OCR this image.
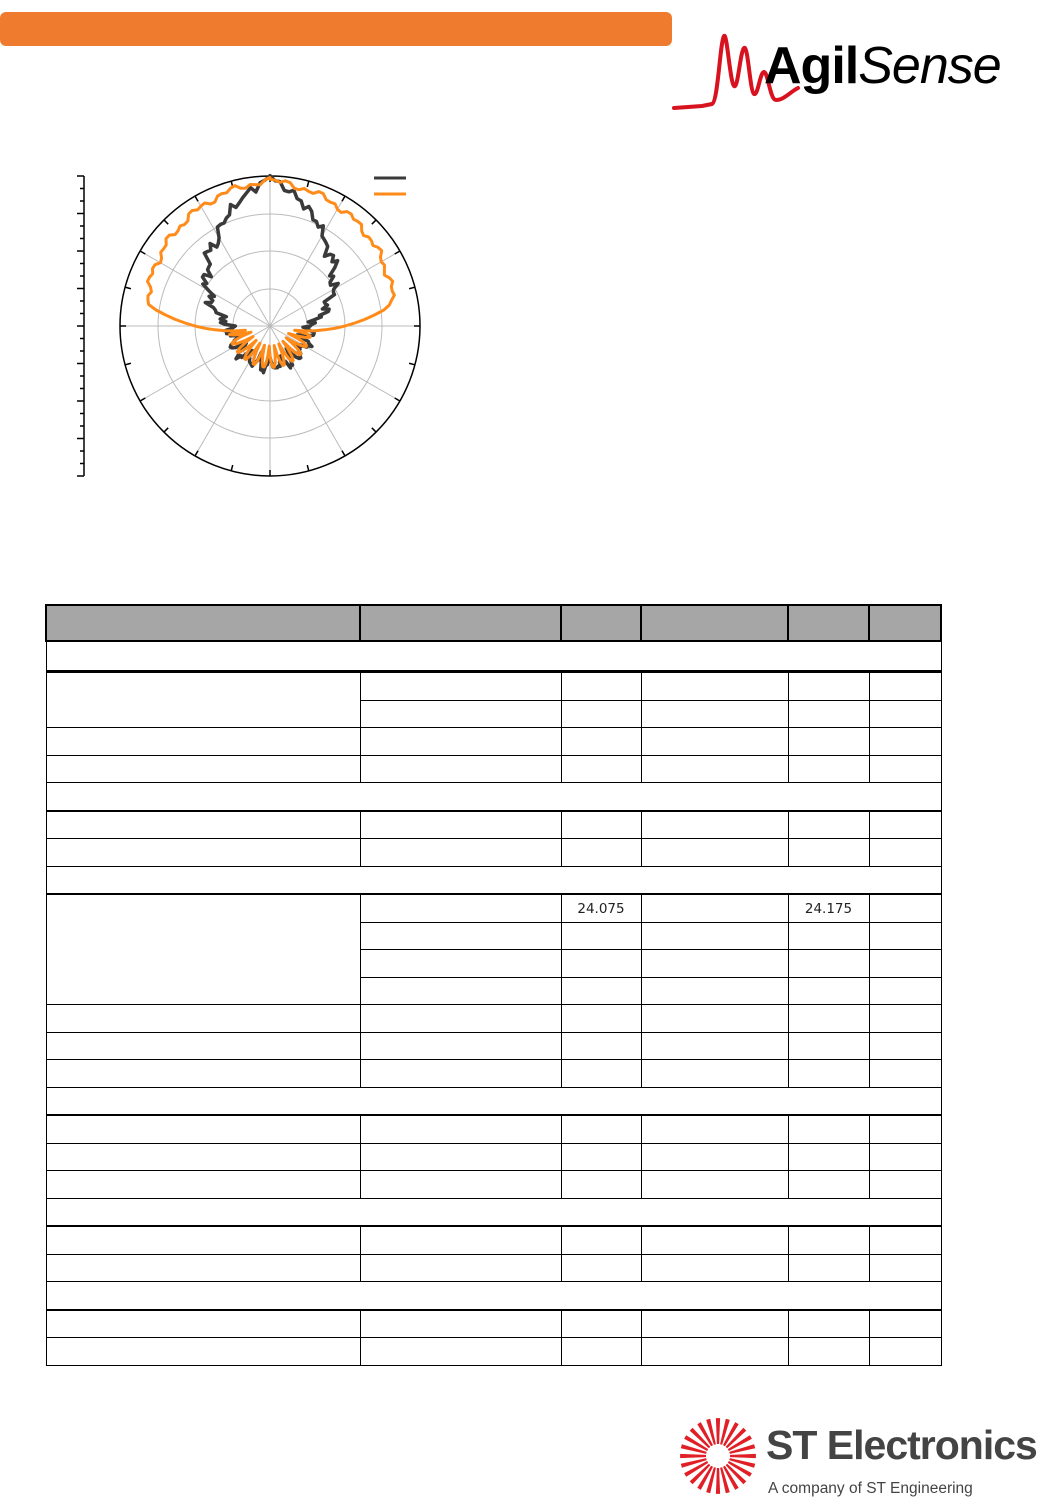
AgilSense

		24.075		24.175	

ST Electronics
A company of ST Engineering
